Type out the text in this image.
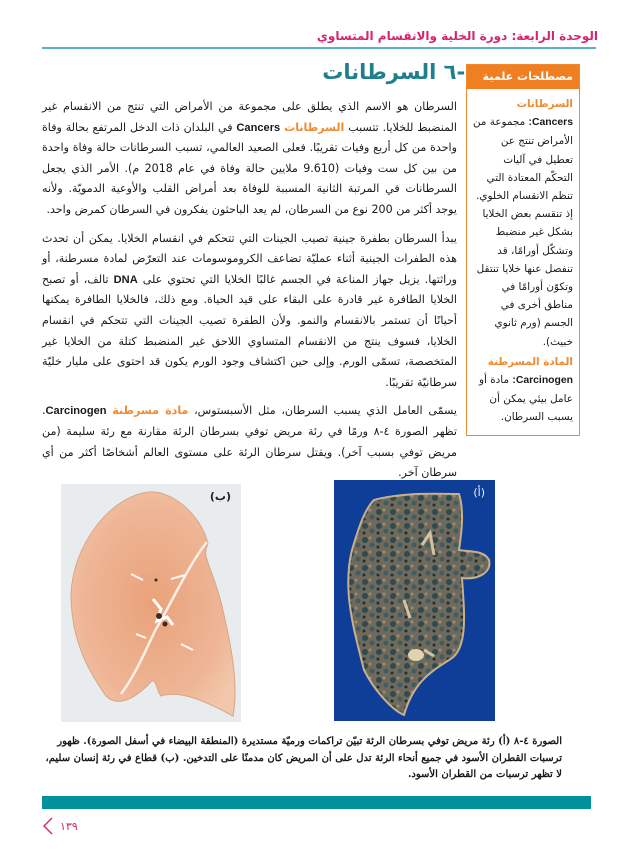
الوحدة الرابعة: دورة الخلية والانقسام المتساوي
-٦ السرطانات	مصطلحات علمية
السرطانات Cancers: مجموعة من الأمراض تنتج عن تعطيل في آليات التحكّم المعتادة التي تنظم الانقسام الخلوي. إذ تنقسم بعض الخلايا بشكل غير منضبط وتشكّل أورامًا، قد تنفصل عنها خلايا تنتقل وتكوّن أورامًا في مناطق أخرى في الجسم (ورم ثانوي خبيث).
المادة المسرطنة
Carcinogen: مادة أو عامل بيئي يمكن أن يسبب السرطان.

السرطان هو الاسم الذي يطلق على مجموعة من الأمراض التي تنتج من الانقسام غير المنضبط للخلايا. تتسبب السرطانات Cancers في البلدان ذات الدخل المرتفع بحالة وفاة واحدة من كل أربع وفيات تقريبًا. فعلى الصعيد العالمي، تسبب السرطانات حالة وفاة واحدة من بين كل ست وفيات (9.610 ملايين حالة وفاة في عام 2018 م). الأمر الذي يجعل السرطانات في المرتبة الثانية المسببة للوفاة بعد أمراض القلب والأوعية الدمويّة. ولأنه يوجد أكثر من 200 نوع من السرطان، لم يعد الباحثون يفكرون في السرطان كمرض واحد.

يبدأ السرطان بطفرة جينية تصيب الجينات التي تتحكم في انقسام الخلايا. يمكن أن تحدث هذه الطفرات الجينية أثناء عمليّة تضاعف الكروموسومات عند التعرّض لمادة مسرطنة، أو وراثتها. يزيل جهاز المناعة في الجسم غالبًا الخلايا التي تحتوي على DNA تالف، أو تصبح الخلايا الطافرة غير قادرة على البقاء على قيد الحياة. ومع ذلك، فالخلايا الطافرة يمكنها أحيانًا أن تستمر بالانقسام والنمو. ولأن الطفرة تصيب الجينات التي تتحكم في انقسام الخلايا، فسوف ينتج من الانقسام المتساوي اللاحق غير المنضبط كتلة من الخلايا غير المتخصصة، تسمّى الورم. وإلى حين اكتشاف وجود الورم يكون قد احتوى على مليار خليّة سرطانيّة تقريبًا.

يسمّى العامل الذي يسبب السرطان، مثل الأسبستوس، مادة مسرطنة Carcinogen. تظهر الصورة ٤-٨ ورمًا في رئة مريض توفي بسرطان الرئة مقارنة مع رئة سليمة (من مريض توفي بسبب آخر). ويقتل سرطان الرئة على مستوى العالم أشخاصًا أكثر من أي سرطان آخر.

(ب)	(أ)
الصورة ٤-٨ (أ) رئة مريض توفي بسرطان الرئة تبيّن تراكمات ورميّة مستديرة (المنطقة البيضاء في أسفل الصورة). ظهور ترسبات القطران الأسود في جميع أنحاء الرئة تدل على أن المريض كان مدمنًا على التدخين. (ب) قطاع في رئة إنسان سليم، لا تظهر ترسبات من القطران الأسود.
١٣٩
